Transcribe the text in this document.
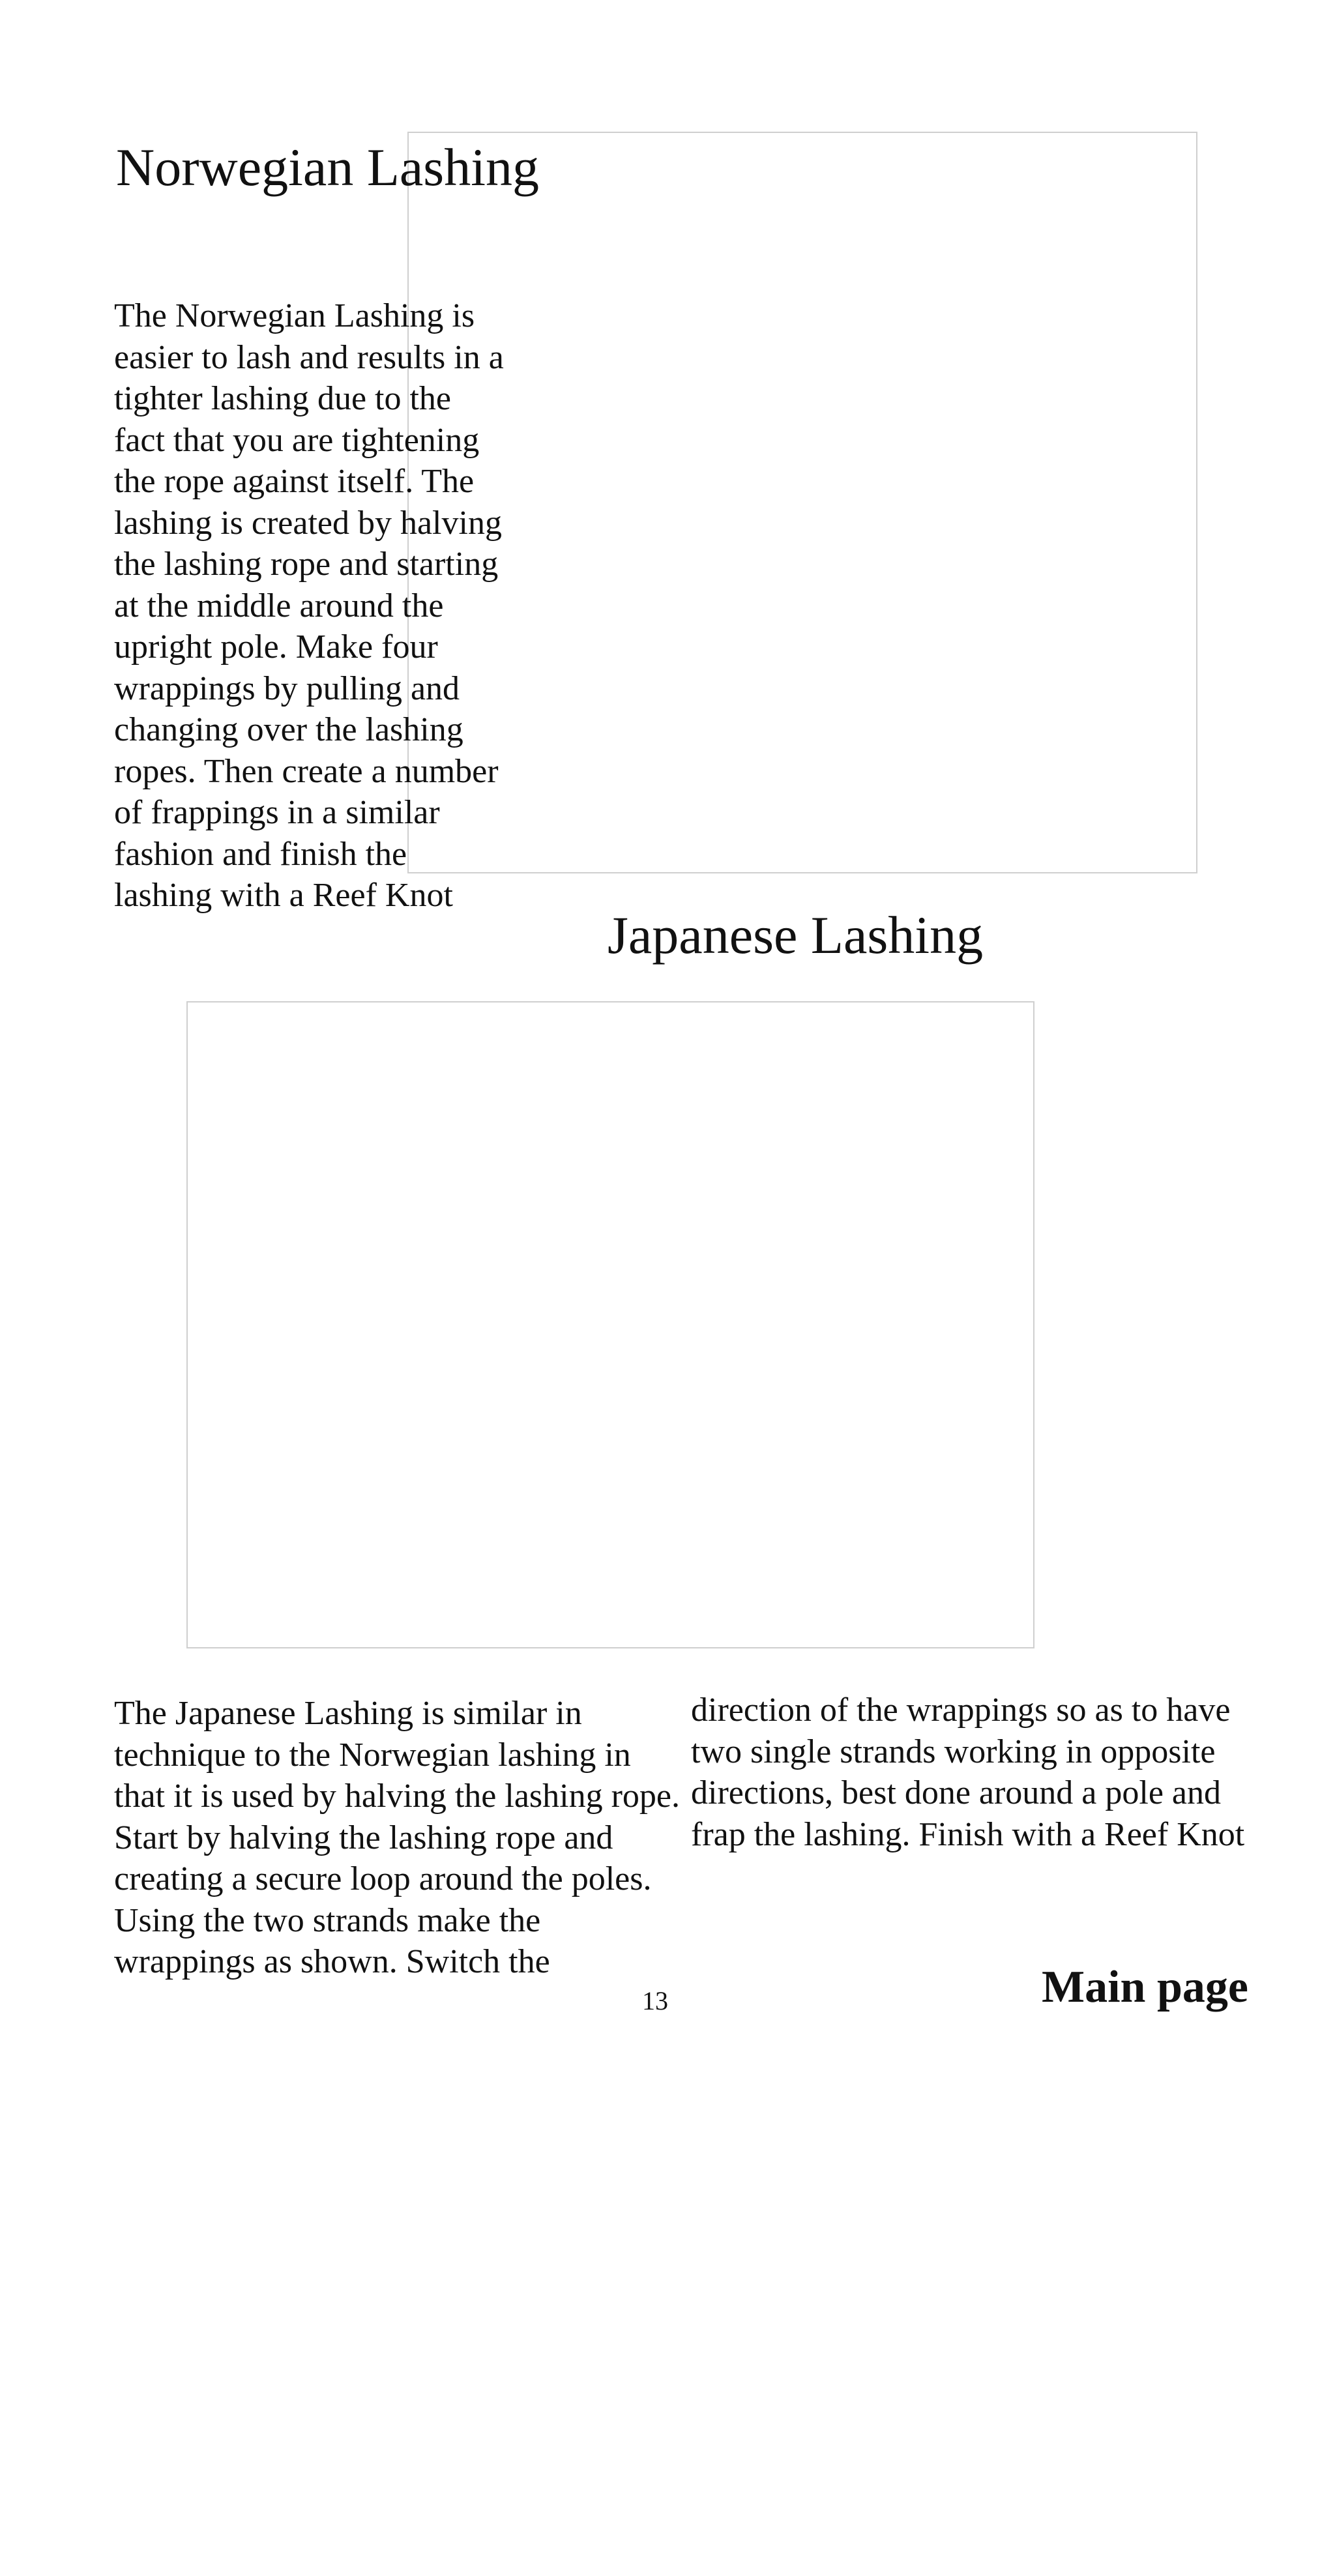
Norwegian Lashing

The Norwegian Lashing is easier to lash and results in a tighter lashing due to the fact that you are tightening the rope against itself. The lashing is created by halving the lashing rope and starting at the middle around the upright pole. Make four wrappings by pulling and changing over the lashing ropes. Then create a number of frappings in a similar fashion and finish the lashing with a Reef Knot

Japanese Lashing

The Japanese Lashing is similar in technique to the Norwegian lashing in that it is used by halving the lashing rope. Start by halving the lashing rope and creating a secure loop around the poles. Using the two strands make the wrappings as shown. Switch the

direction of the wrappings so as to have two single strands working in opposite directions, best done around a pole and frap the lashing. Finish with a Reef Knot

13	Main page
